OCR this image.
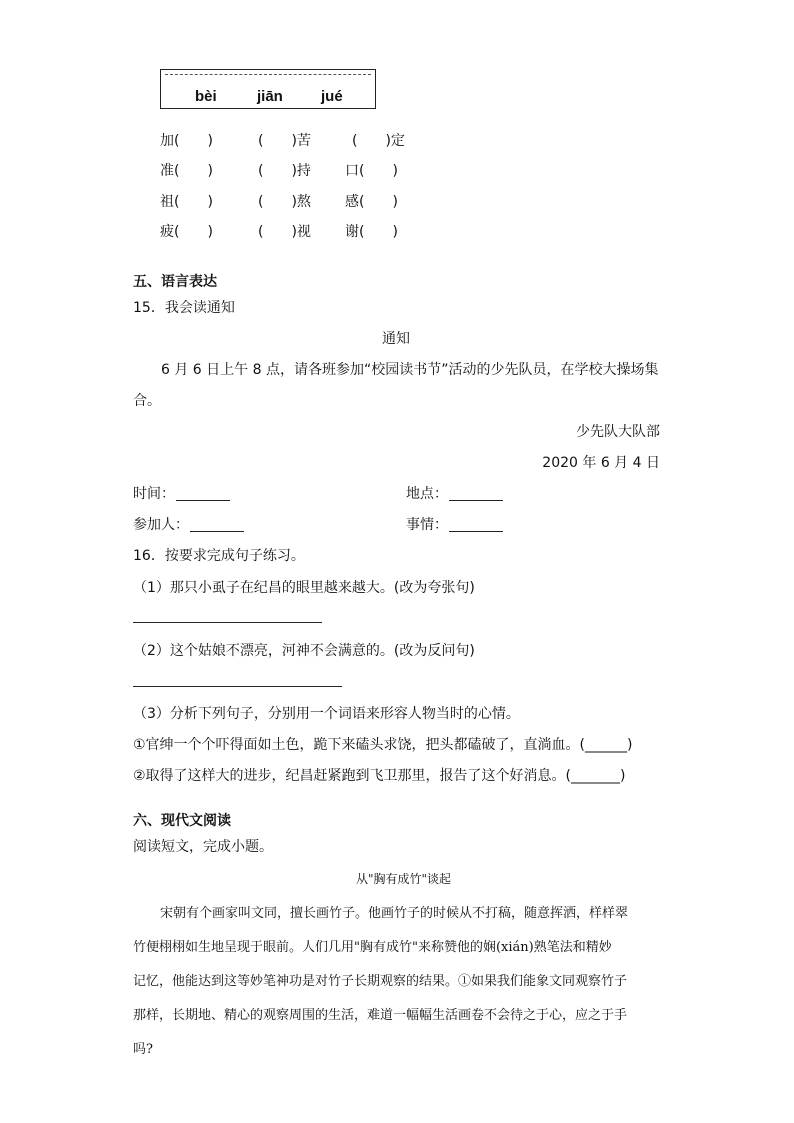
bèi	jiān	jué
加(　　)	(　　)苦	(　　)定
准(　　)	(　　)持 口(　　)
祖(　　)	(　　)熬 感(　　)
疲(　　)	(　　)视 谢(　　)
五、语言表达
15．我会读通知
通知
6 月 6 日上午 8 点，请各班参加“校园读书节”活动的少先队员，在学校大操场集
合。
少先队大队部
2020 年 6 月 4 日
时间：	地点：
参加人：	事情：
16．按要求完成句子练习。
（1）那只小虱子在纪昌的眼里越来越大。(改为夸张句)
（2）这个姑娘不漂亮，河神不会满意的。(改为反问句)
（3）分析下列句子，分别用一个词语来形容人物当时的心情。
①官绅一个个吓得面如土色，跪下来磕头求饶，把头都磕破了，直淌血。(______)
②取得了这样大的进步，纪昌赶紧跑到飞卫那里，报告了这个好消息。(_______)
六、现代文阅读
阅读短文，完成小题。
从"胸有成竹"谈起
宋朝有个画家叫文同，擅长画竹子。他画竹子的时候从不打稿，随意挥洒，样样翠
竹便栩栩如生地呈现于眼前。人们几用"胸有成竹"来称赞他的娴(xián)熟笔法和精妙
记忆，他能达到这等妙笔神功是对竹子长期观察的结果。①如果我们能象文同观察竹子
那样，长期地、精心的观察周围的生活，难道一幅幅生活画卷不会待之于心，应之于手
吗?
